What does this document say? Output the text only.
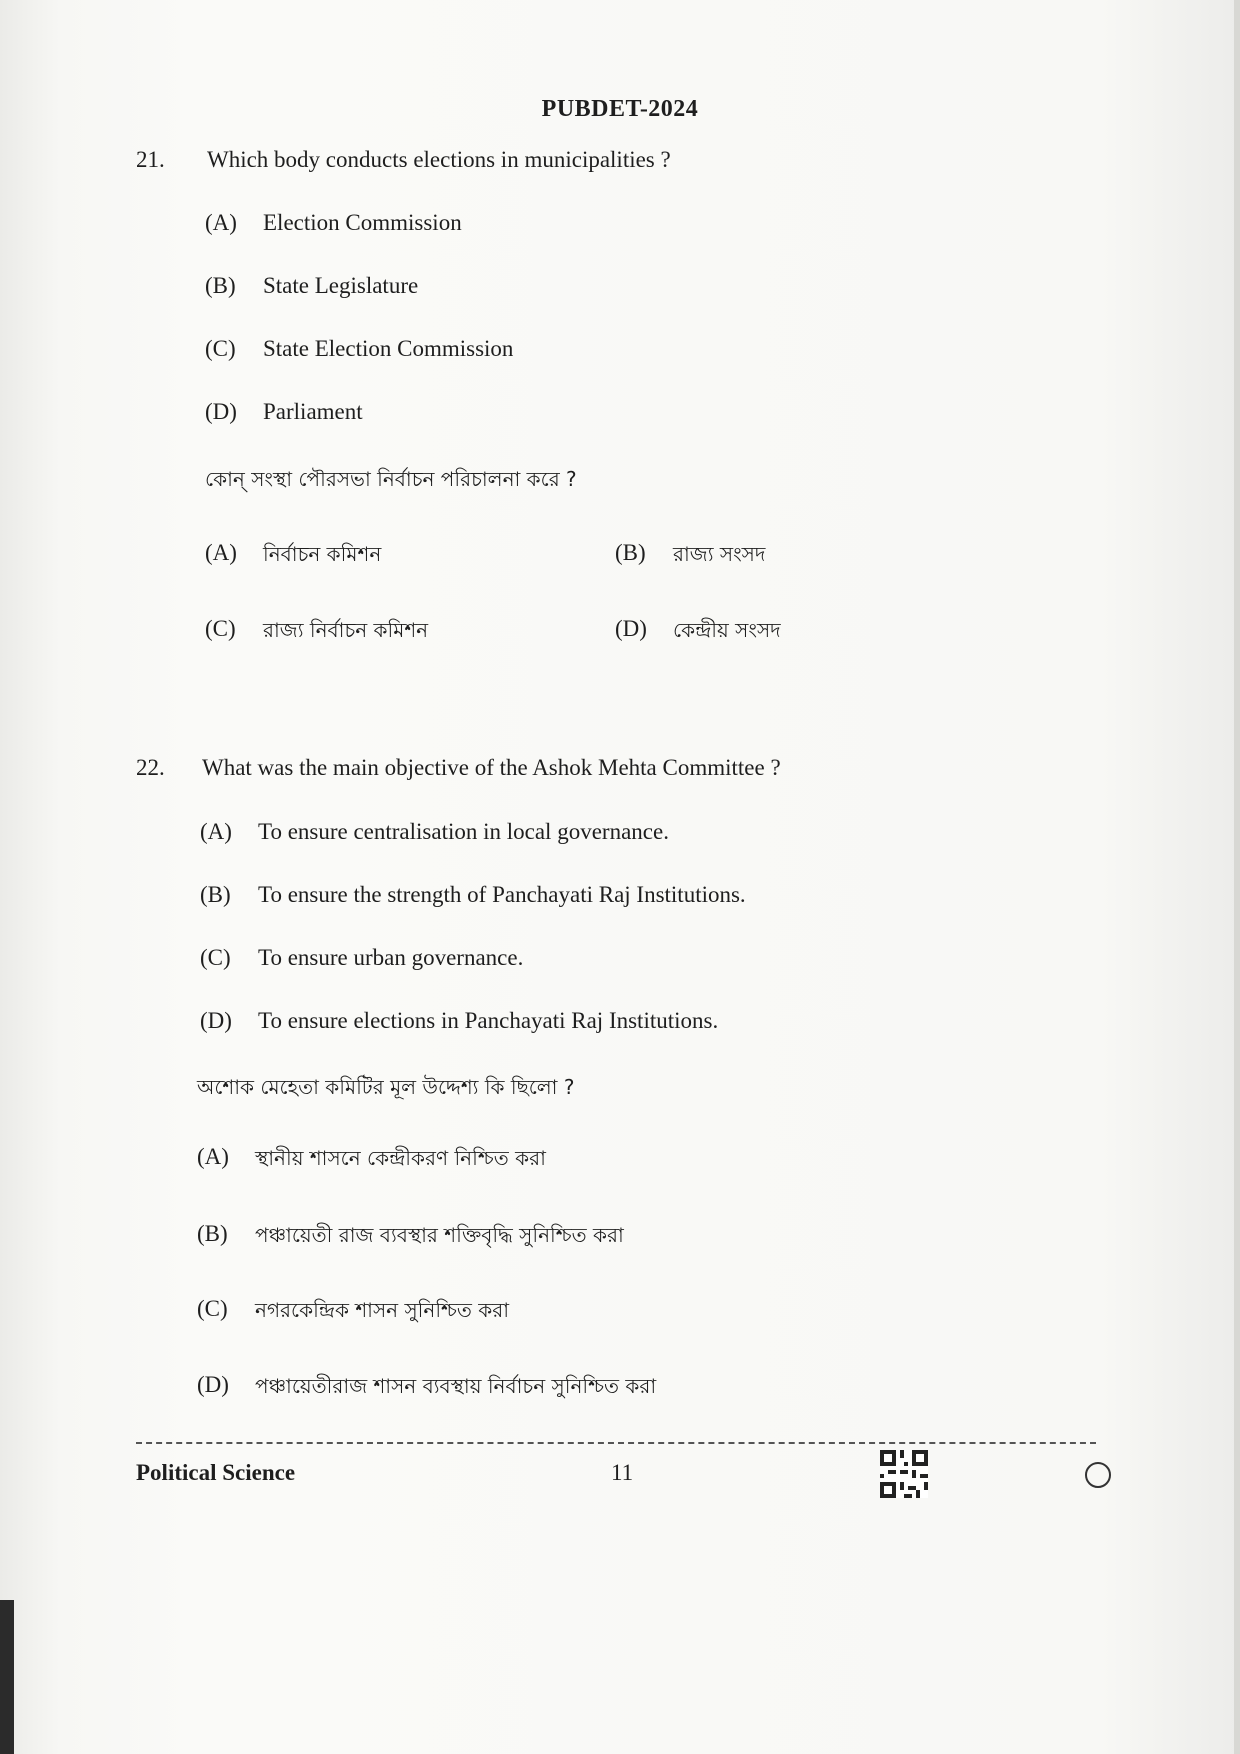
PUBDET-2024
21. Which body conducts elections in municipalities ?
(A)	Election Commission
(B)	State Legislature
(C)	State Election Commission
(D)	Parliament
কোন্ সংস্থা পৌরসভা নির্বাচন পরিচালনা করে ?
(A)	নির্বাচন কমিশন	(B)	রাজ্য সংসদ
(C)	রাজ্য নির্বাচন কমিশন	(D)	কেন্দ্রীয় সংসদ
22. What was the main objective of the Ashok Mehta Committee ?
(A)	To ensure centralisation in local governance.
(B)	To ensure the strength of Panchayati Raj Institutions.
(C)	To ensure urban governance.
(D)	To ensure elections in Panchayati Raj Institutions.
অশোক মেহেতা কমিটির মূল উদ্দেশ্য কি ছিলো ?
(A)	স্থানীয় শাসনে কেন্দ্রীকরণ নিশ্চিত করা
(B)	পঞ্চায়েতী রাজ ব্যবস্থার শক্তিবৃদ্ধি সুনিশ্চিত করা
(C)	নগরকেন্দ্রিক শাসন সুনিশ্চিত করা
(D)	পঞ্চায়েতীরাজ শাসন ব্যবস্থায় নির্বাচন সুনিশ্চিত করা
Political Science	11
